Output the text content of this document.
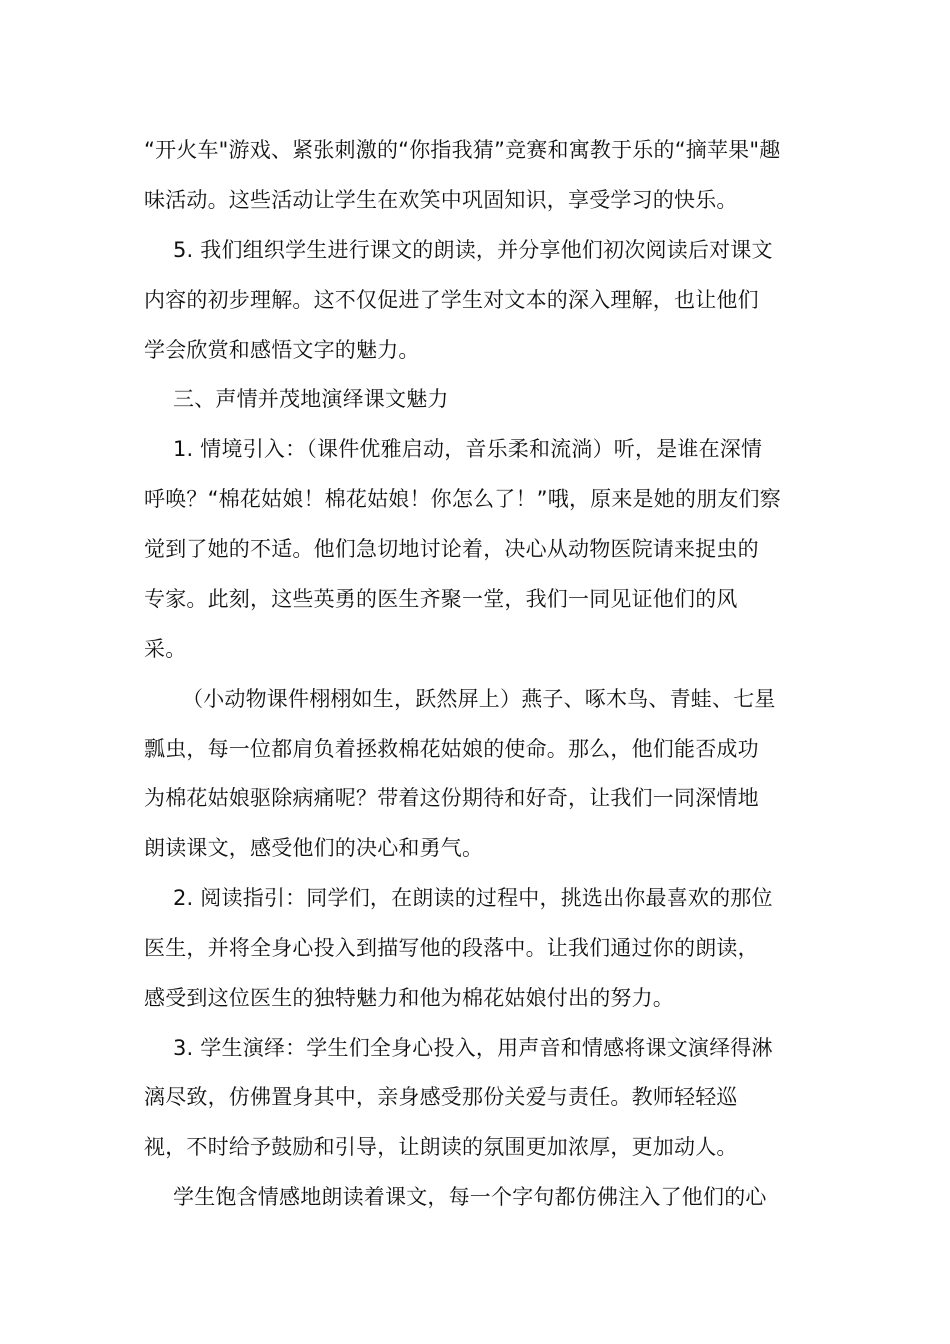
“开火车"游戏、紧张刺激的“你指我猜”竞赛和寓教于乐的“摘苹果"趣
味活动。这些活动让学生在欢笑中巩固知识，享受学习的快乐。
5. 我们组织学生进行课文的朗读，并分享他们初次阅读后对课文
内容的初步理解。这不仅促进了学生对文本的深入理解，也让他们
学会欣赏和感悟文字的魅力。
三、声情并茂地演绎课文魅力
1. 情境引入：（课件优雅启动，音乐柔和流淌）听，是谁在深情
呼唤？“棉花姑娘！棉花姑娘！你怎么了！”哦，原来是她的朋友们察
觉到了她的不适。他们急切地讨论着，决心从动物医院请来捉虫的
专家。此刻，这些英勇的医生齐聚一堂，我们一同见证他们的风
采。
（小动物课件栩栩如生，跃然屏上）燕子、啄木鸟、青蛙、七星
瓢虫，每一位都肩负着拯救棉花姑娘的使命。那么，他们能否成功
为棉花姑娘驱除病痛呢？带着这份期待和好奇，让我们一同深情地
朗读课文，感受他们的决心和勇气。
2. 阅读指引：同学们，在朗读的过程中，挑选出你最喜欢的那位
医生，并将全身心投入到描写他的段落中。让我们通过你的朗读，
感受到这位医生的独特魅力和他为棉花姑娘付出的努力。
3. 学生演绎：学生们全身心投入，用声音和情感将课文演绎得淋
漓尽致，仿佛置身其中，亲身感受那份关爱与责任。教师轻轻巡
视，不时给予鼓励和引导，让朗读的氛围更加浓厚，更加动人。
学生饱含情感地朗读着课文，每一个字句都仿佛注入了他们的心
